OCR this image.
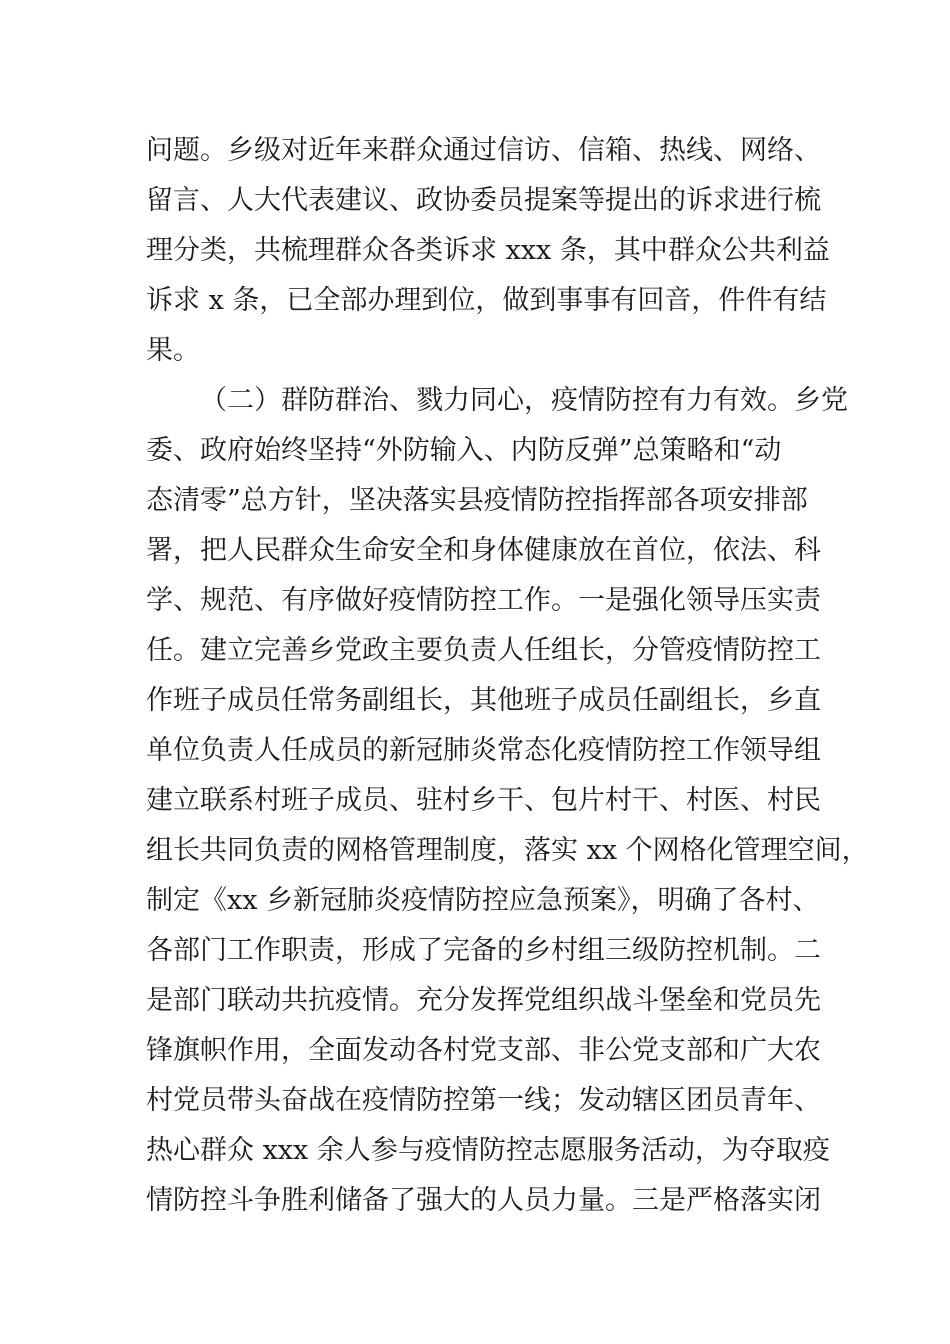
问题。乡级对近年来群众通过信访、信箱、热线、网络、
留言、人大代表建议、政协委员提案等提出的诉求进行梳
理分类，共梳理群众各类诉求 xxx 条，其中群众公共利益
诉求 x 条，已全部办理到位，做到事事有回音，件件有结
果。
（二）群防群治、戮力同心，疫情防控有力有效。乡党
委、政府始终坚持“外防输入、内防反弹”总策略和“动
态清零”总方针，坚决落实县疫情防控指挥部各项安排部
署，把人民群众生命安全和身体健康放在首位，依法、科
学、规范、有序做好疫情防控工作。一是强化领导压实责
任。建立完善乡党政主要负责人任组长，分管疫情防控工
作班子成员任常务副组长，其他班子成员任副组长，乡直
单位负责人任成员的新冠肺炎常态化疫情防控工作领导组
建立联系村班子成员、驻村乡干、包片村干、村医、村民
组长共同负责的网格管理制度，落实 xx 个网格化管理空间，
制定《xx 乡新冠肺炎疫情防控应急预案》，明确了各村、
各部门工作职责，形成了完备的乡村组三级防控机制。二
是部门联动共抗疫情。充分发挥党组织战斗堡垒和党员先
锋旗帜作用，全面发动各村党支部、非公党支部和广大农
村党员带头奋战在疫情防控第一线；发动辖区团员青年、
热心群众 xxx 余人参与疫情防控志愿服务活动，为夺取疫
情防控斗争胜利储备了强大的人员力量。三是严格落实闭
